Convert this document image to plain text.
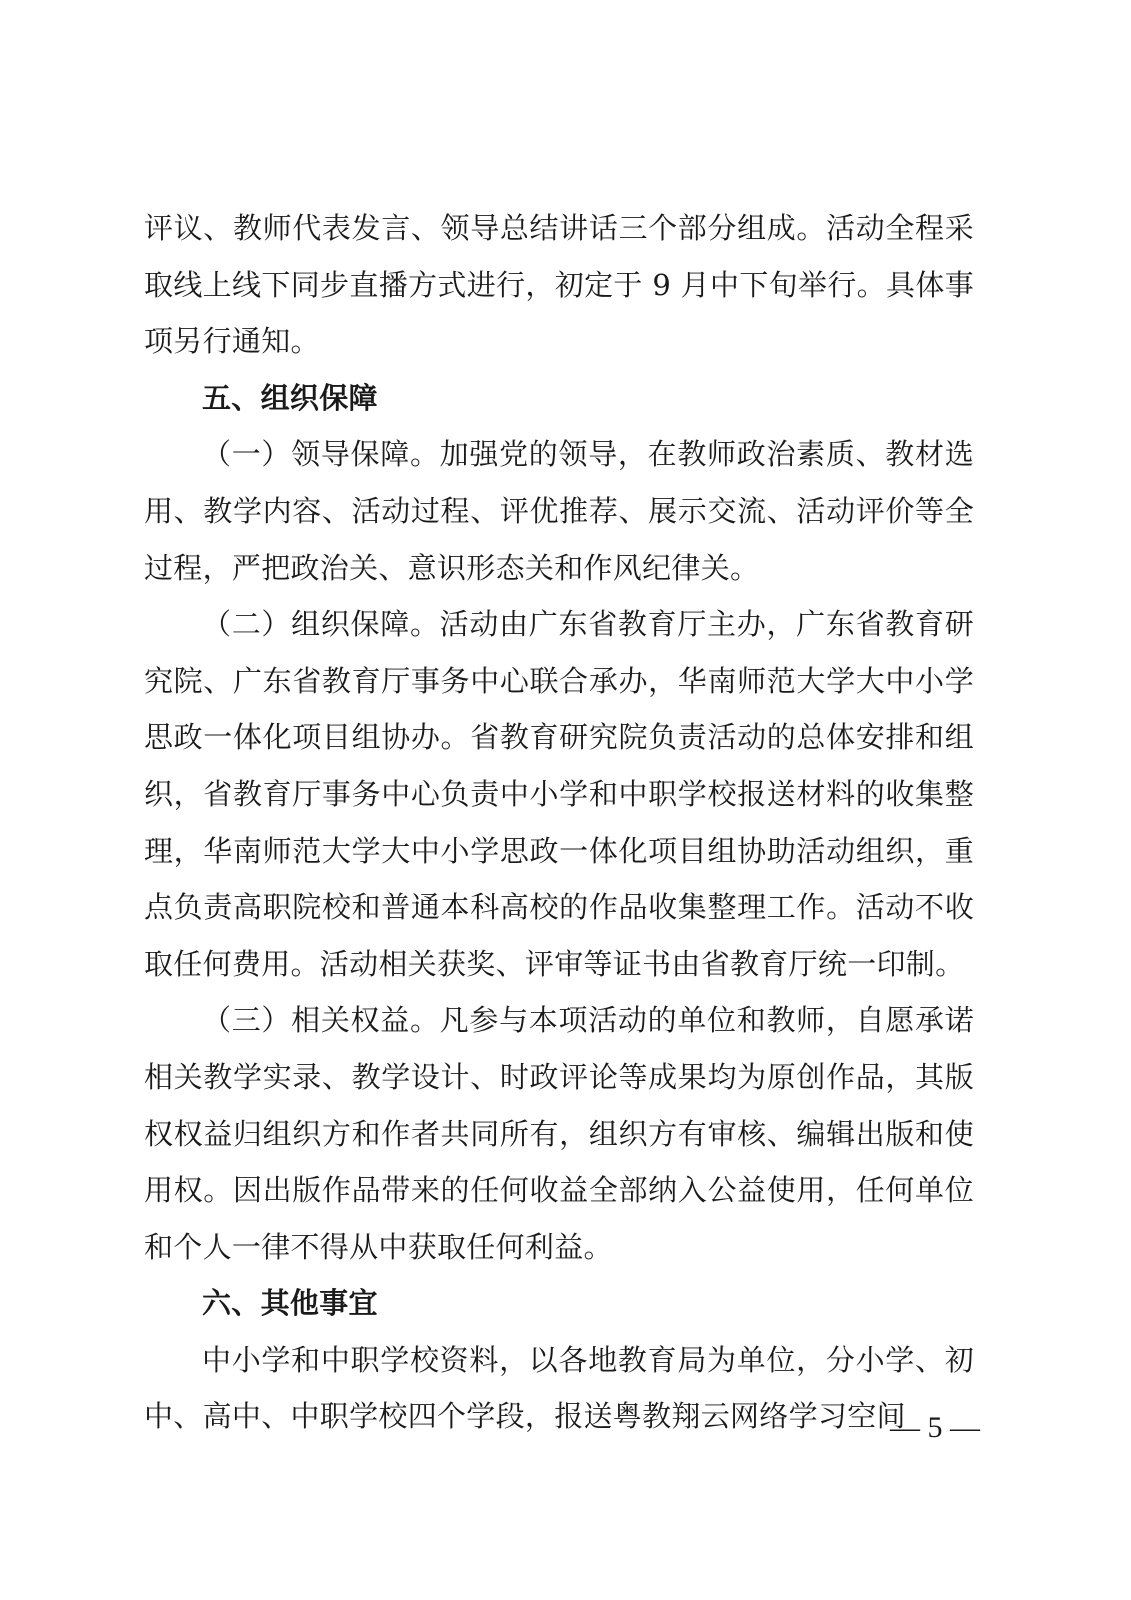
评议、教师代表发言、领导总结讲话三个部分组成。活动全程采取线上线下同步直播方式进行，初定于 9 月中下旬举行。具体事项另行通知。

五、组织保障

（一）领导保障。加强党的领导，在教师政治素质、教材选用、教学内容、活动过程、评优推荐、展示交流、活动评价等全过程，严把政治关、意识形态关和作风纪律关。

（二）组织保障。活动由广东省教育厅主办，广东省教育研究院、广东省教育厅事务中心联合承办，华南师范大学大中小学思政一体化项目组协办。省教育研究院负责活动的总体安排和组织，省教育厅事务中心负责中小学和中职学校报送材料的收集整理，华南师范大学大中小学思政一体化项目组协助活动组织，重点负责高职院校和普通本科高校的作品收集整理工作。活动不收取任何费用。活动相关获奖、评审等证书由省教育厅统一印制。

（三）相关权益。凡参与本项活动的单位和教师，自愿承诺相关教学实录、教学设计、时政评论等成果均为原创作品，其版权权益归组织方和作者共同所有，组织方有审核、编辑出版和使用权。因出版作品带来的任何收益全部纳入公益使用，任何单位和个人一律不得从中获取任何利益。

六、其他事宜

中小学和中职学校资料，以各地教育局为单位，分小学、初中、高中、中职学校四个学段，报送粤教翔云网络学习空间

— 5 —
